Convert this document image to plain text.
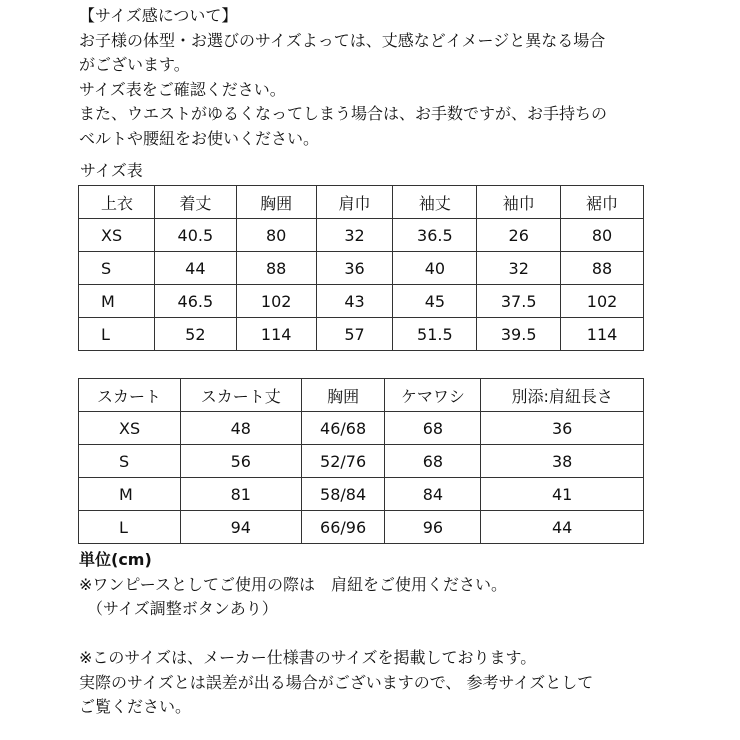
【サイズ感について】
お子様の体型・お選びのサイズよっては、丈感などイメージと異なる場合
がございます。
サイズ表をご確認ください。
また、ウエストがゆるくなってしまう場合は、お手数ですが、お手持ちの
ベルトや腰紐をお使いください。
サイズ表
上衣	着丈	胸囲	肩巾	袖丈	袖巾	裾巾
XS	40.5	80	32	36.5	26	80
S	44	88	36	40	32	88
M	46.5	102	43	45	37.5	102
L	52	114	57	51.5	39.5	114
スカート	スカート丈	胸囲	ケマワシ	別添:肩紐長さ
XS	48	46/68	68	36
S	56	52/76	68	38
M	81	58/84	84	41
L	94	66/96	96	44
単位(cm)
※ワンピースとしてご使用の際は　肩紐をご使用ください。
（サイズ調整ボタンあり）
※このサイズは、メーカー仕様書のサイズを掲載しております。
実際のサイズとは誤差が出る場合がございますので、 参考サイズとして
ご覧ください。
